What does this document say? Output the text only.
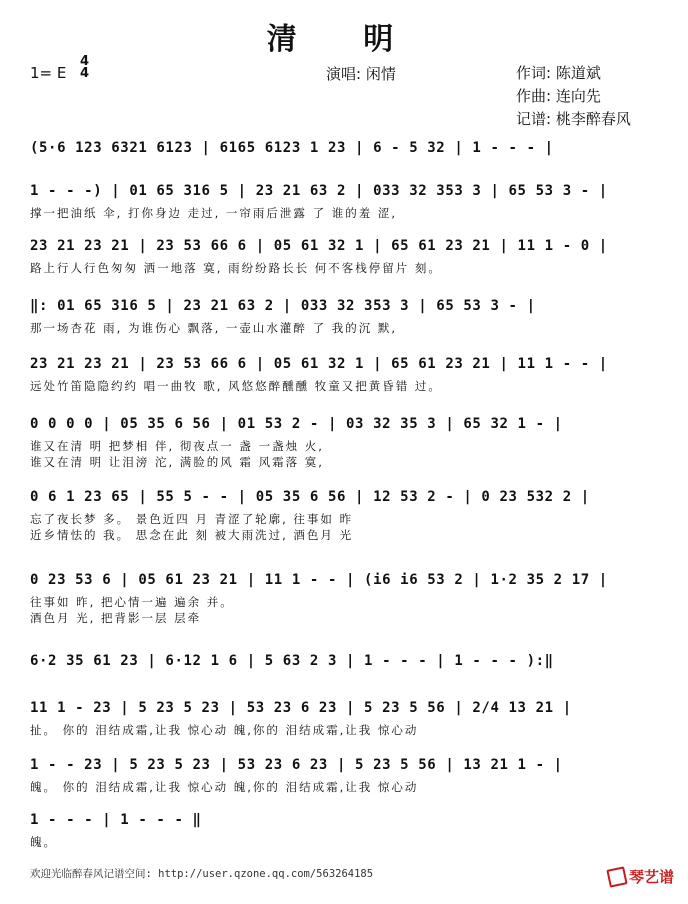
清 明
1= E
4
4	演唱: 闲情	作词: 陈道斌
作曲: 连向先
记谱: 桃李醉春风
(5·6 123 6321 6123 | 6165 6123 1 23 | 6 - 5 32 | 1 - - - |
1 - - -) | 01 65 316 5 | 23 21 63 2 | 033 32 353 3 | 65 53 3 - |
撑一把油纸 伞, 打你身边 走过, 一帘雨后泄露 了 谁的羞 涩,
23 21 23 21 | 23 53 66 6 | 05 61 32 1 | 65 61 23 21 | 11 1 - 0 |
路上行人行色匆匆 洒一地落 寞, 雨纷纷路长长 何不客栈停留片 刻。
‖: 01 65 316 5 | 23 21 63 2 | 033 32 353 3 | 65 53 3 - |
那一场杏花 雨, 为谁伤心 飘落, 一壶山水灌醉 了 我的沉 默,
23 21 23 21 | 23 53 66 6 | 05 61 32 1 | 65 61 23 21 | 11 1 - - |
远处竹笛隐隐约约 唱一曲牧 歌, 风悠悠醉醺醺 牧童又把黄昏错 过。
0 0 0 0 | 05 35 6 56 | 01 53 2 - | 03 32 35 3 | 65 32 1 - |
谁又在清 明 把梦相 伴, 彻夜点一 盏 一盏烛 火,
谁又在清 明 让泪滂 沱, 满脸的风 霜 风霜落 寞,
0 6 1 23 65 | 55 5 - - | 05 35 6 56 | 12 53 2 - | 0 23 532 2 |
忘了夜长梦 多。 景色近四 月 青涩了轮廓, 往事如 昨
近乡情怯的 我。 思念在此 刻 被大雨洗过, 酒色月 光
0 23 53 6 | 05 61 23 21 | 11 1 - - | (i6 i6 53 2 | 1·2 35 2 17 |
往事如 昨, 把心情一遍 遍余 并。
酒色月 光, 把背影一层 层牵
6·2 35 61 23 | 6·12 1 6 | 5 63 2 3 | 1 - - - | 1 - - - ):‖
11 1 - 23 | 5 23 5 23 | 53 23 6 23 | 5 23 5 56 | 2/4 13 21 |
扯。 你的 泪结成霜,让我 惊心动 魄,你的 泪结成霜,让我 惊心动
1 - - 23 | 5 23 5 23 | 53 23 6 23 | 5 23 5 56 | 13 21 1 - |
魄。 你的 泪结成霜,让我 惊心动 魄,你的 泪结成霜,让我 惊心动
1 - - - | 1 - - - ‖
魄。
欢迎光临醉春风记谱空间: http://user.qzone.qq.com/563264185	琴艺谱
